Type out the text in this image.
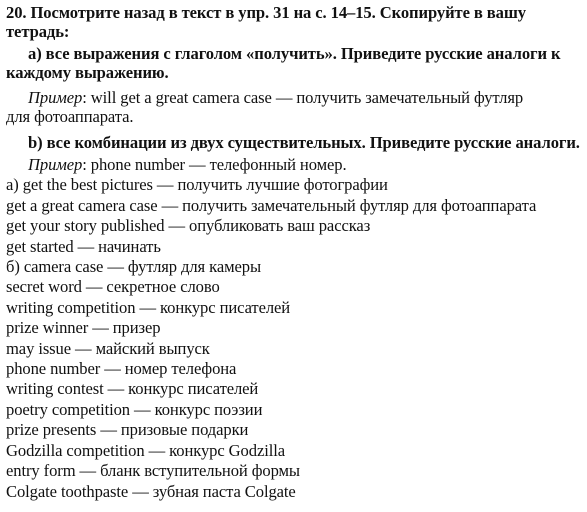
20. Посмотрите назад в текст в упр. 31 на с. 14–15. Скопируйте в вашу
тетрадь:
а) все выражения с глаголом «получить». Приведите русские аналоги к
каждому выражению.
Пример: will get a great camera case — получить замечательный футляр
для фотоаппарата.
b) все комбинации из двух существительных. Приведите русские аналоги.
Пример: phone number — телефонный номер.
а) get the best pictures — получить лучшие фотографии
get a great camera case — получить замечательный футляр для фотоаппарата
get your story published — опубликовать ваш рассказ
get started — начинать
б) camera case — футляр для камеры
secret word — секретное слово
writing competition — конкурс писателей
prize winner — призер
may issue — майский выпуск
phone number — номер телефона
writing contest — конкурс писателей
poetry competition — конкурс поэзии
prize presents — призовые подарки
Godzilla competition — конкурс Godzilla
entry form — бланк вступительной формы
Colgate toothpaste — зубная паста Colgate
